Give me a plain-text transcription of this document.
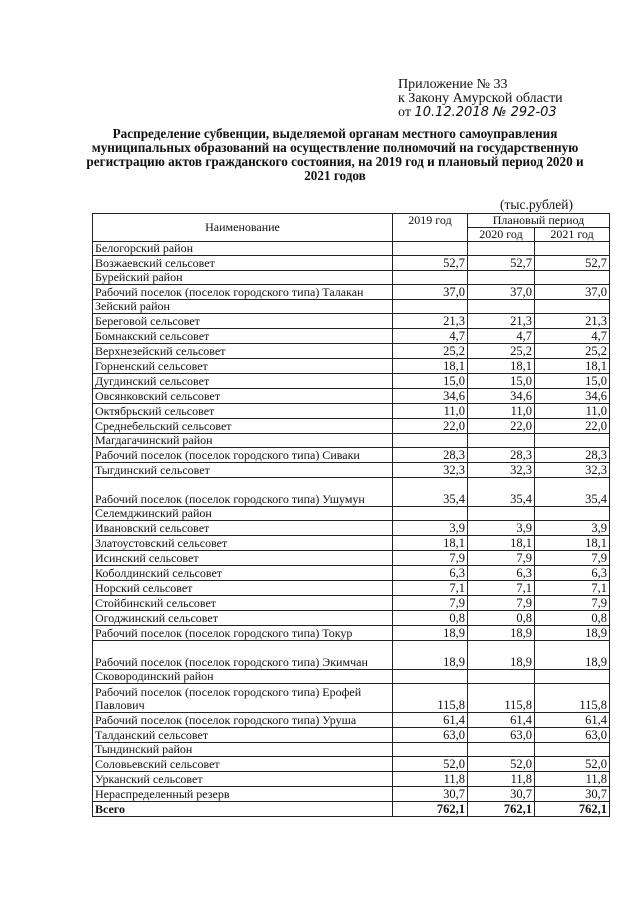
Приложение № 33
к Закону Амурской области
от 10.12.2018 № 292-03
Распределение субвенции, выделяемой органам местного самоуправления муниципальных образований на осуществление полномочий на государственную регистрацию актов гражданского состояния, на 2019 год и плановый период 2020 и 2021 годов
(тыс.рублей)
Наименование	2019 год	Плановый период	
		2020 год	2021 год
Белогорский район			
Возжаевский сельсовет	52,7	52,7	52,7
Бурейский район			
Рабочий поселок (поселок городского типа) Талакан	37,0	37,0	37,0
Зейский район			
Береговой сельсовет	21,3	21,3	21,3
Бомнакский сельсовет	4,7	4,7	4,7
Верхнезейский сельсовет	25,2	25,2	25,2
Горненский сельсовет	18,1	18,1	18,1
Дугдинский сельсовет	15,0	15,0	15,0
Овсянковский сельсовет	34,6	34,6	34,6
Октябрьский сельсовет	11,0	11,0	11,0
Среднебельский сельсовет	22,0	22,0	22,0
Магдагачинский район			
Рабочий поселок (поселок городского типа) Сиваки	28,3	28,3	28,3
Тыгдинский сельсовет	32,3	32,3	32,3
Рабочий поселок (поселок городского типа) Ушумун	35,4	35,4	35,4
Селемджинский район			
Ивановский сельсовет	3,9	3,9	3,9
Златоустовский сельсовет	18,1	18,1	18,1
Исинский сельсовет	7,9	7,9	7,9
Коболдинский сельсовет	6,3	6,3	6,3
Норский сельсовет	7,1	7,1	7,1
Стойбинский сельсовет	7,9	7,9	7,9
Огоджинский сельсовет	0,8	0,8	0,8
Рабочий поселок (поселок городского типа) Токур	18,9	18,9	18,9
Рабочий поселок (поселок городского типа) Экимчан	18,9	18,9	18,9
Сковородинский район			
Рабочий поселок (поселок городского типа) Ерофей Павлович	115,8	115,8	115,8
Рабочий поселок (поселок городского типа) Уруша	61,4	61,4	61,4
Талданский сельсовет	63,0	63,0	63,0
Тындинский район			
Соловьевский сельсовет	52,0	52,0	52,0
Урканский сельсовет	11,8	11,8	11,8
Нераспределенный резерв	30,7	30,7	30,7
Всего	762,1	762,1	762,1
